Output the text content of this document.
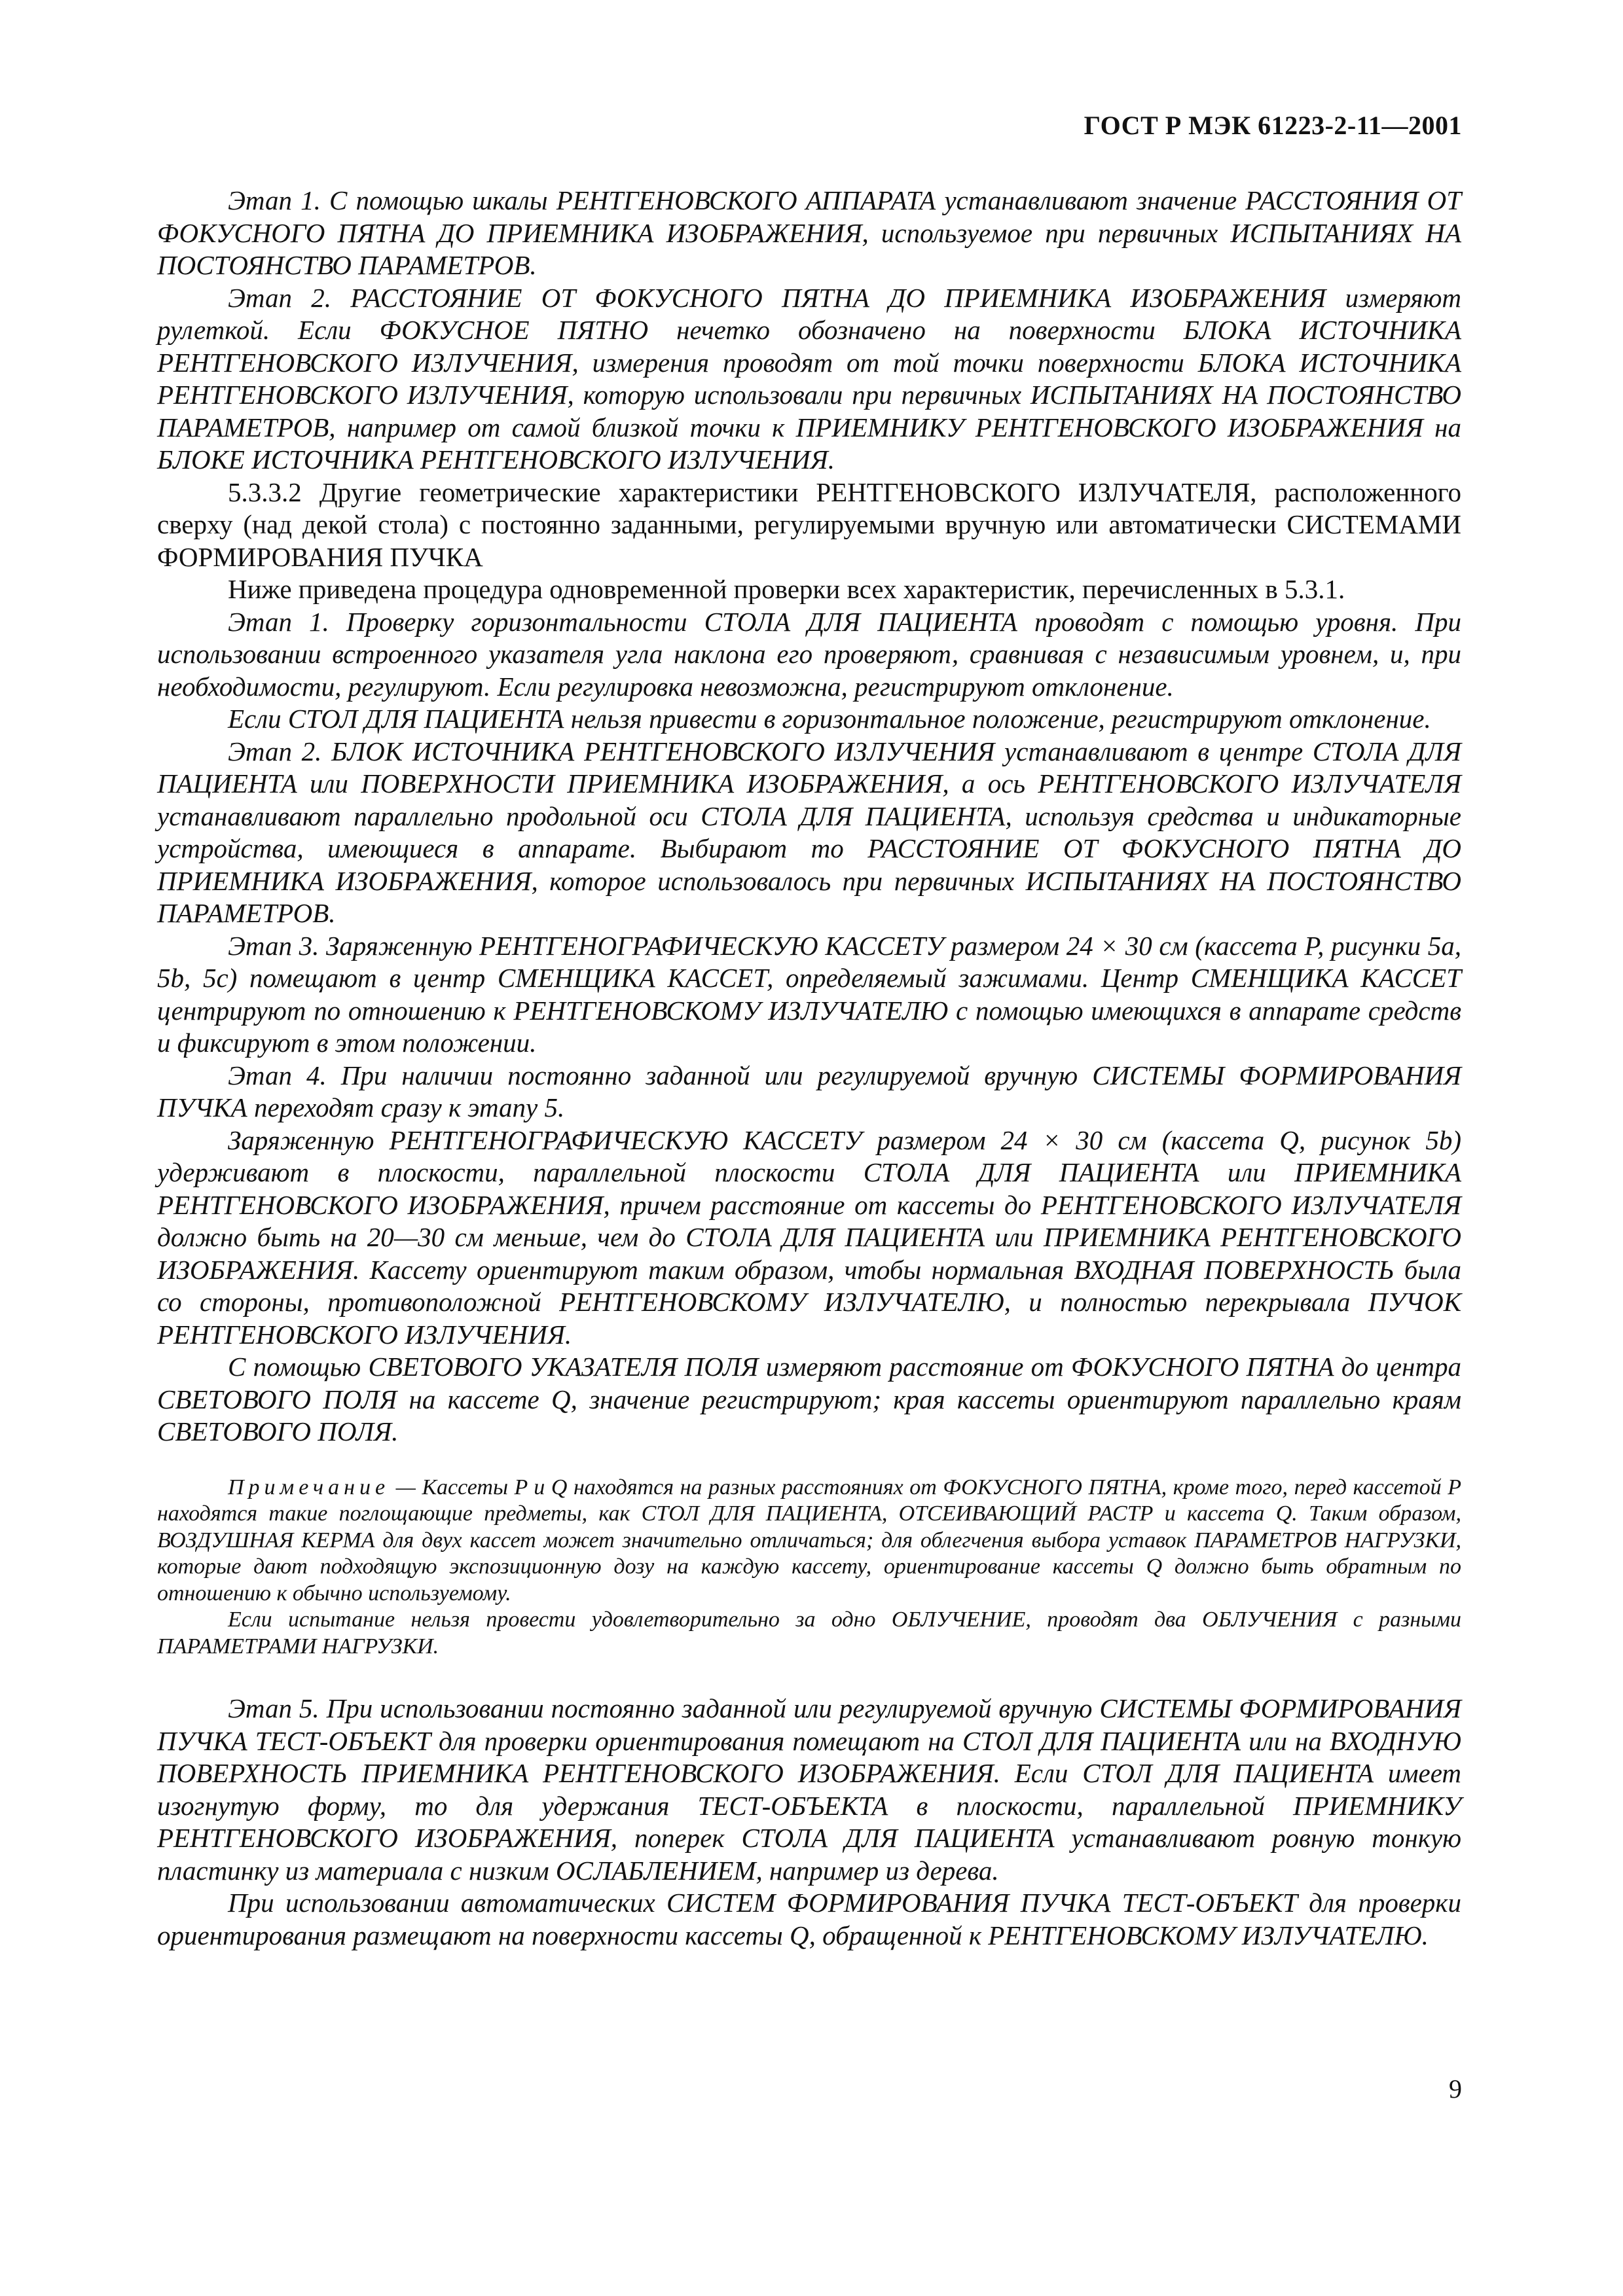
ГОСТ Р МЭК 61223-2-11—2001

Этап 1. С помощью шкалы РЕНТГЕНОВСКОГО АППАРАТА устанавливают значение РАССТОЯНИЯ ОТ ФОКУСНОГО ПЯТНА ДО ПРИЕМНИКА ИЗОБРАЖЕНИЯ, используемое при первичных ИСПЫТАНИЯХ НА ПОСТОЯНСТВО ПАРАМЕТРОВ.

Этап 2. РАССТОЯНИЕ ОТ ФОКУСНОГО ПЯТНА ДО ПРИЕМНИКА ИЗОБРАЖЕНИЯ измеряют рулеткой. Если ФОКУСНОЕ ПЯТНО нечетко обозначено на поверхности БЛОКА ИСТОЧНИКА РЕНТГЕНОВСКОГО ИЗЛУЧЕНИЯ, измерения проводят от той точки поверхности БЛОКА ИСТОЧНИКА РЕНТГЕНОВСКОГО ИЗЛУЧЕНИЯ, которую использовали при первичных ИСПЫТАНИЯХ НА ПОСТОЯНСТВО ПАРАМЕТРОВ, например от самой близкой точки к ПРИЕМНИКУ РЕНТГЕНОВСКОГО ИЗОБРАЖЕНИЯ на БЛОКЕ ИСТОЧНИКА РЕНТГЕНОВСКОГО ИЗЛУЧЕНИЯ.

5.3.3.2 Другие геометрические характеристики РЕНТГЕНОВСКОГО ИЗЛУЧАТЕЛЯ, расположенного сверху (над декой стола) с постоянно заданными, регулируемыми вручную или автоматически СИСТЕМАМИ ФОРМИРОВАНИЯ ПУЧКА

Ниже приведена процедура одновременной проверки всех характеристик, перечисленных в 5.3.1.

Этап 1. Проверку горизонтальности СТОЛА ДЛЯ ПАЦИЕНТА проводят с помощью уровня. При использовании встроенного указателя угла наклона его проверяют, сравнивая с независимым уровнем, и, при необходимости, регулируют. Если регулировка невозможна, регистрируют отклонение.

Если СТОЛ ДЛЯ ПАЦИЕНТА нельзя привести в горизонтальное положение, регистрируют отклонение.

Этап 2. БЛОК ИСТОЧНИКА РЕНТГЕНОВСКОГО ИЗЛУЧЕНИЯ устанавливают в центре СТОЛА ДЛЯ ПАЦИЕНТА или ПОВЕРХНОСТИ ПРИЕМНИКА ИЗОБРАЖЕНИЯ, а ось РЕНТГЕНОВСКОГО ИЗЛУЧАТЕЛЯ устанавливают параллельно продольной оси СТОЛА ДЛЯ ПАЦИЕНТА, используя средства и индикаторные устройства, имеющиеся в аппарате. Выбирают то РАССТОЯНИЕ ОТ ФОКУСНОГО ПЯТНА ДО ПРИЕМНИКА ИЗОБРАЖЕНИЯ, которое использовалось при первичных ИСПЫТАНИЯХ НА ПОСТОЯНСТВО ПАРАМЕТРОВ.

Этап 3. Заряженную РЕНТГЕНОГРАФИЧЕСКУЮ КАССЕТУ размером 24 × 30 см (кассета P, рисунки 5a, 5b, 5c) помещают в центр СМЕНЩИКА КАССЕТ, определяемый зажимами. Центр СМЕНЩИКА КАССЕТ центрируют по отношению к РЕНТГЕНОВСКОМУ ИЗЛУЧАТЕЛЮ с помощью имеющихся в аппарате средств и фиксируют в этом положении.

Этап 4. При наличии постоянно заданной или регулируемой вручную СИСТЕМЫ ФОРМИРОВАНИЯ ПУЧКА переходят сразу к этапу 5.

Заряженную РЕНТГЕНОГРАФИЧЕСКУЮ КАССЕТУ размером 24 × 30 см (кассета Q, рисунок 5b) удерживают в плоскости, параллельной плоскости СТОЛА ДЛЯ ПАЦИЕНТА или ПРИЕМНИКА РЕНТГЕНОВСКОГО ИЗОБРАЖЕНИЯ, причем расстояние от кассеты до РЕНТГЕНОВСКОГО ИЗЛУЧАТЕЛЯ должно быть на 20—30 см меньше, чем до СТОЛА ДЛЯ ПАЦИЕНТА или ПРИЕМНИКА РЕНТГЕНОВСКОГО ИЗОБРАЖЕНИЯ. Кассету ориентируют таким образом, чтобы нормальная ВХОДНАЯ ПОВЕРХНОСТЬ была со стороны, противоположной РЕНТГЕНОВСКОМУ ИЗЛУЧАТЕЛЮ, и полностью перекрывала ПУЧОК РЕНТГЕНОВСКОГО ИЗЛУЧЕНИЯ.

С помощью СВЕТОВОГО УКАЗАТЕЛЯ ПОЛЯ измеряют расстояние от ФОКУСНОГО ПЯТНА до центра СВЕТОВОГО ПОЛЯ на кассете Q, значение регистрируют; края кассеты ориентируют параллельно краям СВЕТОВОГО ПОЛЯ.

Примечание — Кассеты P и Q находятся на разных расстояниях от ФОКУСНОГО ПЯТНА, кроме того, перед кассетой P находятся такие поглощающие предметы, как СТОЛ ДЛЯ ПАЦИЕНТА, ОТСЕИВАЮЩИЙ РАСТР и кассета Q. Таким образом, ВОЗДУШНАЯ КЕРМА для двух кассет может значительно отличаться; для облегчения выбора уставок ПАРАМЕТРОВ НАГРУЗКИ, которые дают подходящую экспозиционную дозу на каждую кассету, ориентирование кассеты Q должно быть обратным по отношению к обычно используемому.

Если испытание нельзя провести удовлетворительно за одно ОБЛУЧЕНИЕ, проводят два ОБЛУЧЕНИЯ с разными ПАРАМЕТРАМИ НАГРУЗКИ.

Этап 5. При использовании постоянно заданной или регулируемой вручную СИСТЕМЫ ФОРМИРОВАНИЯ ПУЧКА ТЕСТ-ОБЪЕКТ для проверки ориентирования помещают на СТОЛ ДЛЯ ПАЦИЕНТА или на ВХОДНУЮ ПОВЕРХНОСТЬ ПРИЕМНИКА РЕНТГЕНОВСКОГО ИЗОБРАЖЕНИЯ. Если СТОЛ ДЛЯ ПАЦИЕНТА имеет изогнутую форму, то для удержания ТЕСТ-ОБЪЕКТА в плоскости, параллельной ПРИЕМНИКУ РЕНТГЕНОВСКОГО ИЗОБРАЖЕНИЯ, поперек СТОЛА ДЛЯ ПАЦИЕНТА устанавливают ровную тонкую пластинку из материала с низким ОСЛАБЛЕНИЕМ, например из дерева.

При использовании автоматических СИСТЕМ ФОРМИРОВАНИЯ ПУЧКА ТЕСТ-ОБЪЕКТ для проверки ориентирования размещают на поверхности кассеты Q, обращенной к РЕНТГЕНОВСКОМУ ИЗЛУЧАТЕЛЮ.

9
